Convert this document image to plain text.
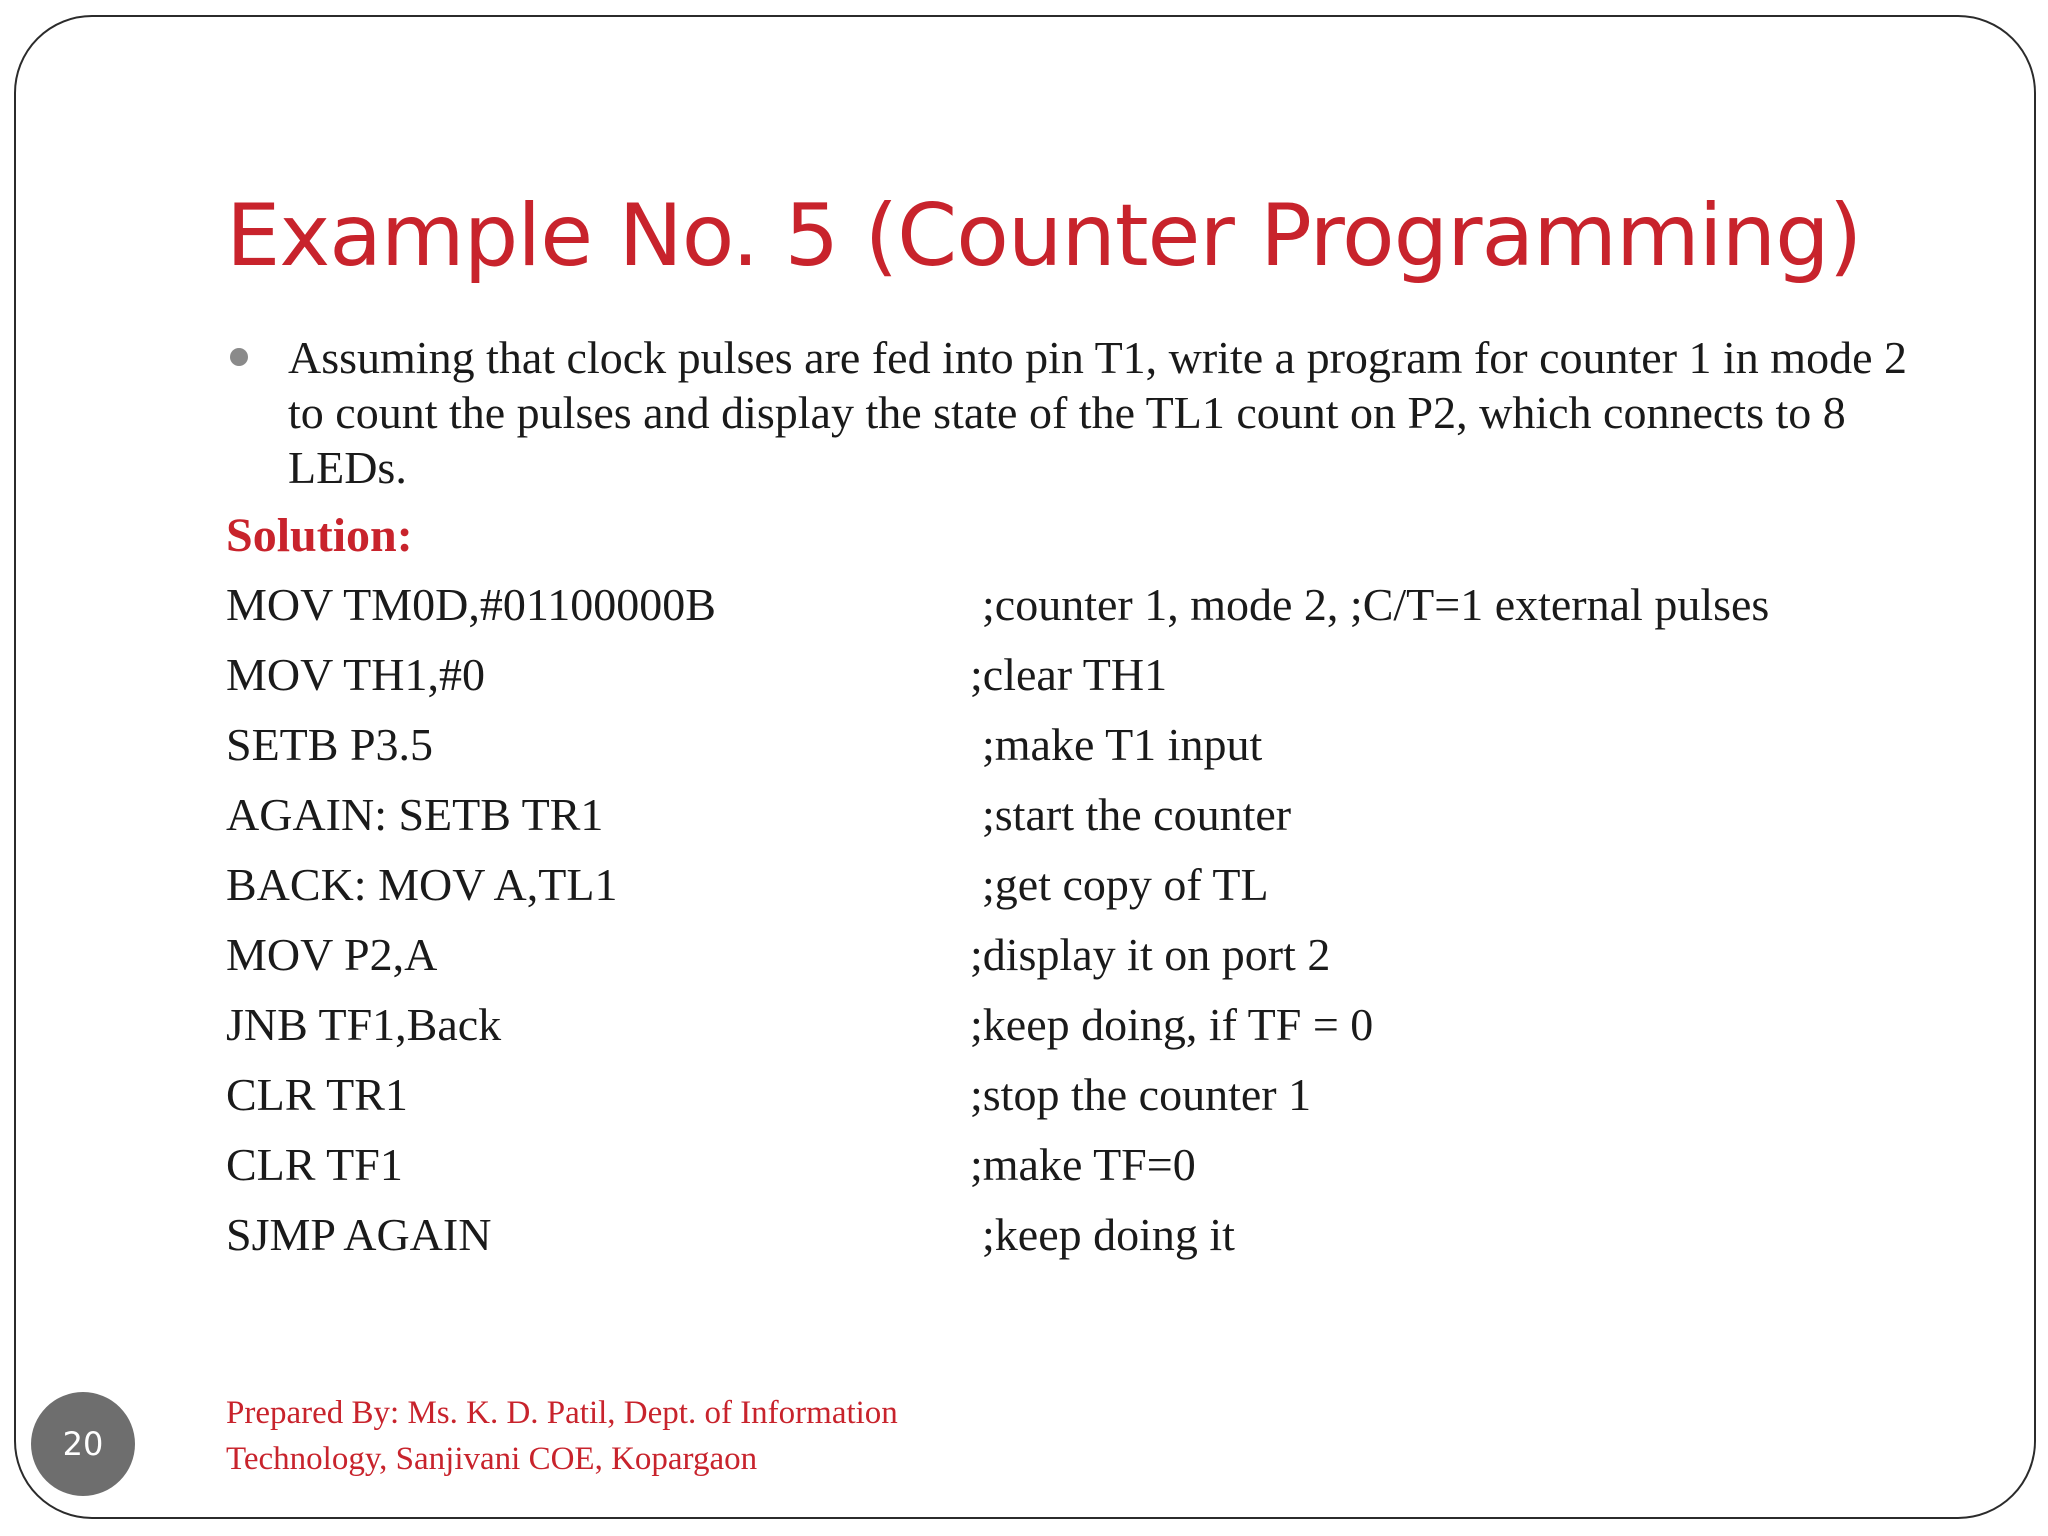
Example No. 5 (Counter Programming)
Assuming that clock pulses are fed into pin T1, write a program for counter 1 in mode 2 to count the pulses and display the state of the TL1 count on P2, which connects to 8 LEDs.
Solution:
MOV TM0D,#01100000B	;counter 1, mode 2, ;C/T=1 external pulses
MOV TH1,#0	;clear TH1
SETB P3.5	;make T1 input
AGAIN: SETB TR1	;start the counter
BACK: MOV A,TL1	;get copy of TL
MOV P2,A	;display it on port 2
JNB TF1,Back	;keep doing, if TF = 0
CLR TR1	;stop the counter 1
CLR TF1	;make TF=0
SJMP AGAIN	;keep doing it
Prepared By: Ms. K. D. Patil, Dept. of Information
Technology, Sanjivani COE, Kopargaon
20
